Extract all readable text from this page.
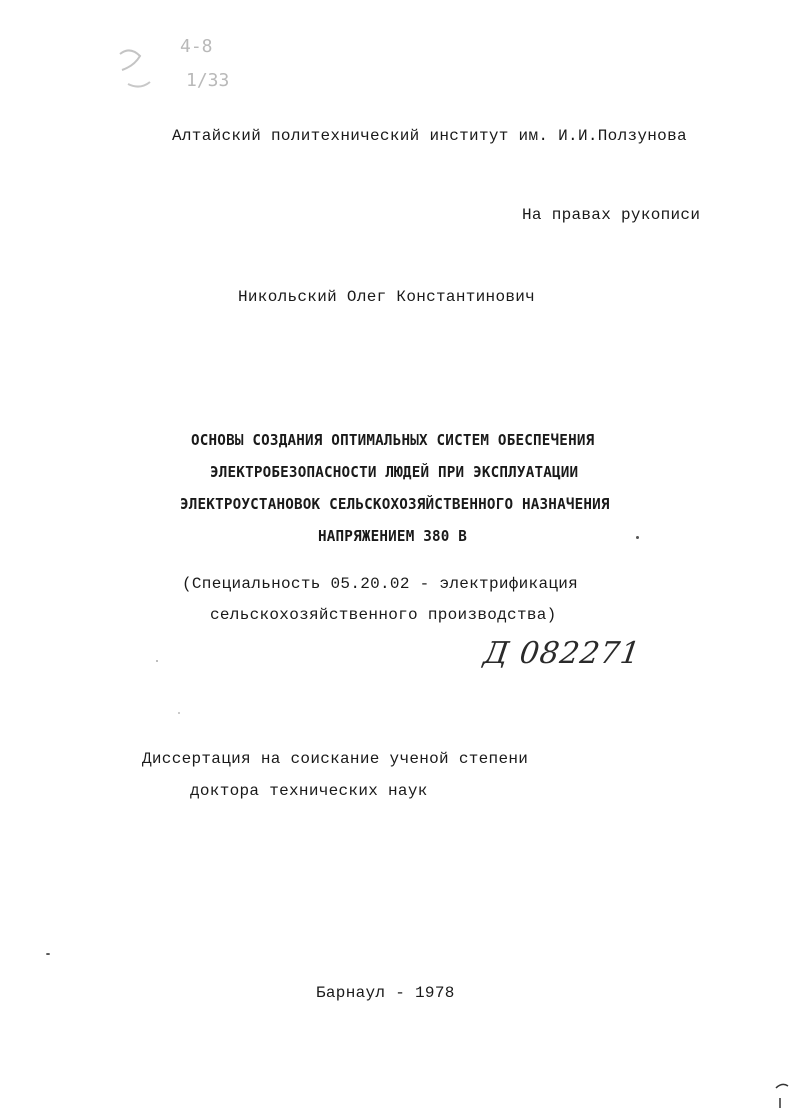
4-8
1/33
Алтайский политехнический институт им. И.И.Ползунова
На правах рукописи
Никольский Олег Константинович
ОСНОВЫ СОЗДАНИЯ ОПТИМАЛЬНЫХ СИСТЕМ ОБЕСПЕЧЕНИЯ
ЭЛЕКТРОБЕЗОПАСНОСТИ ЛЮДЕЙ ПРИ ЭКСПЛУАТАЦИИ
ЭЛЕКТРОУСТАНОВОК СЕЛЬСКОХОЗЯЙСТВЕННОГО НАЗНАЧЕНИЯ
НАПРЯЖЕНИЕМ 380 В
(Специальность 05.20.02 - электрификация
сельскохозяйственного производства)
Д 082271
Диссертация на соискание ученой степени
доктора технических наук
Барнаул - 1978
